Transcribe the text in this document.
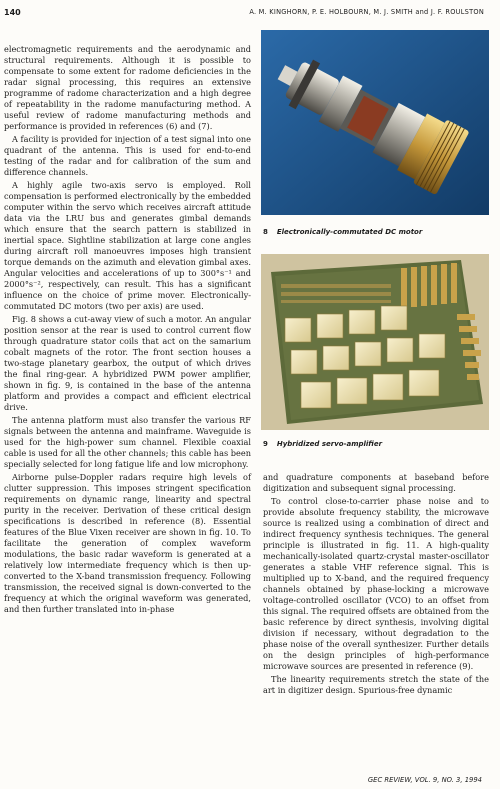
140	A. M. KINGHORN, P. E. HOLBOURN, M. J. SMITH and J. F. ROULSTON

electromagnetic requirements and the aerodynamic and structural requirements. Although it is possible to compensate to some extent for radome deficiencies in the radar signal processing, this requires an extensive programme of radome characterization and a high degree of repeatability in the radome manufacturing method. A useful review of radome manufacturing methods and performance is provided in references (6) and (7).

A facility is provided for injection of a test signal into one quadrant of the antenna. This is used for end-to-end testing of the radar and for calibration of the sum and difference channels.

A highly agile two-axis servo is employed. Roll compensation is performed electronically by the embedded computer within the servo which receives aircraft attitude data via the LRU bus and generates gimbal demands which ensure that the search pattern is stabilized in inertial space. Sightline stabilization at large cone angles during aircraft roll manoeuvres imposes high transient torque demands on the azimuth and elevation gimbal axes. Angular velocities and accelerations of up to 300°s⁻¹ and 2000°s⁻², respectively, can result. This has a significant influence on the choice of prime mover. Electronically-commutated DC motors (two per axis) are used.

Fig. 8 shows a cut-away view of such a motor. An angular position sensor at the rear is used to control current flow through quadrature stator coils that act on the samarium cobalt magnets of the rotor. The front section houses a two-stage planetary gearbox, the output of which drives the final ring-gear. A hybridized PWM power amplifier, shown in fig. 9, is contained in the base of the antenna platform and provides a compact and efficient electrical drive.

The antenna platform must also transfer the various RF signals between the antenna and mainframe. Waveguide is used for the high-power sum channel. Flexible coaxial cable is used for all the other channels; this cable has been specially selected for long fatigue life and low microphony.

Airborne pulse-Doppler radars require high levels of clutter suppression. This imposes stringent specification requirements on dynamic range, linearity and spectral purity in the receiver. Derivation of these critical design specifications is described in reference (8). Essential features of the Blue Vixen receiver are shown in fig. 10. To facilitate the generation of complex waveform modulations, the basic radar waveform is generated at a relatively low intermediate frequency which is then up-converted to the X-band transmission frequency. Following transmission, the received signal is down-converted to the frequency at which the original waveform was generated, and then further translated into in-phase

8 Electronically-commutated DC motor
9 Hybridized servo-amplifier

and quadrature components at baseband before digitization and subsequent signal processing.

To control close-to-carrier phase noise and to provide absolute frequency stability, the microwave source is realized using a combination of direct and indirect frequency synthesis techniques. The general principle is illustrated in fig. 11. A high-quality mechanically-isolated quartz-crystal master-oscillator generates a stable VHF reference signal. This is multiplied up to X-band, and the required frequency channels obtained by phase-locking a microwave voltage-controlled oscillator (VCO) to an offset from this signal. The required offsets are obtained from the basic reference by direct synthesis, involving digital division if necessary, without degradation to the phase noise of the overall synthesizer. Further details on the design principles of high-performance microwave sources are presented in reference (9).

The linearity requirements stretch the state of the art in digitizer design. Spurious-free dynamic

GEC REVIEW, VOL. 9, NO. 3, 1994
